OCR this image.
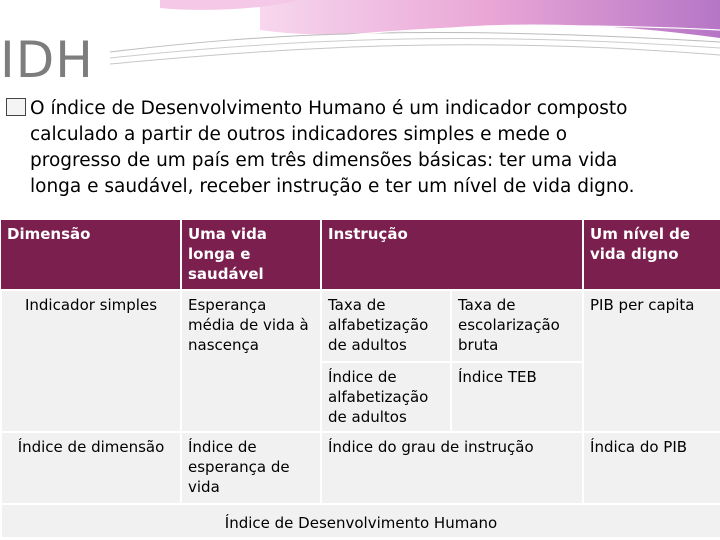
IDH

O índice de Desenvolvimento Humano é um indicador composto
calculado a partir de outros indicadores simples e mede o
progresso de um país em três dimensões básicas: ter uma vida
longa e saudável, receber instrução e ter um nível de vida digno.

Dimensão	Uma vida longa e saudável	Instrução		Um nível de vida digno
Indicador simples	Esperança média de vida à nascença	Taxa de alfabetização de adultos	Taxa de escolarização bruta	PIB per capita
		Índice de alfabetização de adultos	Índice TEB	
Índice de dimensão	Índice de esperança de vida	Índice do grau de instrução		Índica do PIB
Índice de Desenvolvimento Humano				
